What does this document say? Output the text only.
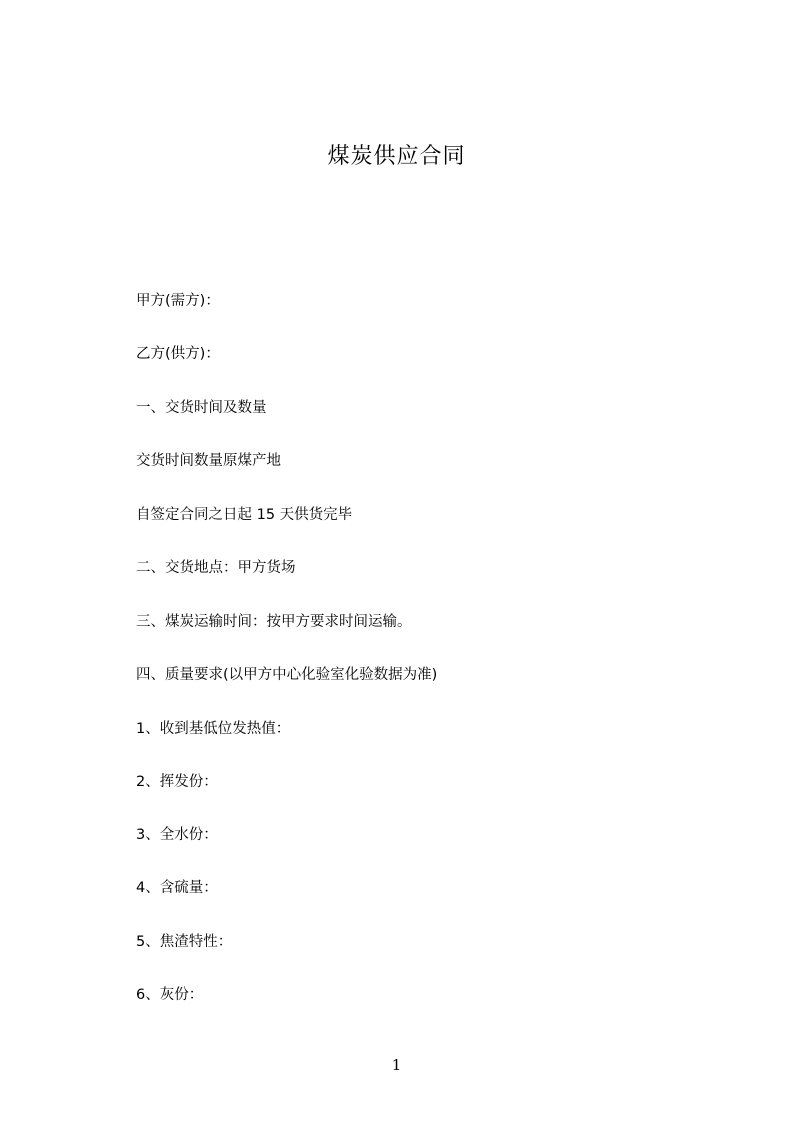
煤炭供应合同
甲方(需方)：
乙方(供方)：
一、交货时间及数量
交货时间数量原煤产地
自签定合同之日起 15 天供货完毕
二、交货地点：甲方货场
三、煤炭运输时间：按甲方要求时间运输。
四、质量要求(以甲方中心化验室化验数据为准)
1、收到基低位发热值：
2、挥发份：
3、全水份：
4、含硫量：
5、焦渣特性：
6、灰份：
1
